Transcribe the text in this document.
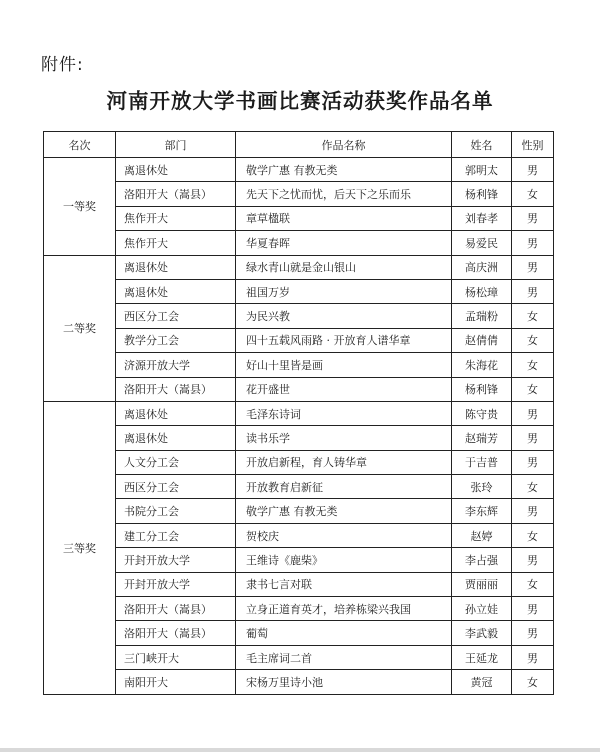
附件:
河南开放大学书画比赛活动获奖作品名单
名次	部门	作品名称	姓名	性别
一等奖	离退休处	敬学广惠 有教无类	郭明太	男
	洛阳开大（嵩县）	先天下之忧而忧，后天下之乐而乐	杨利锋	女
	焦作开大	章草楹联	刘春孝	男
	焦作开大	华夏春晖	易爱民	男
二等奖	离退休处	绿水青山就是金山银山	高庆洲	男
	离退休处	祖国万岁	杨松璋	男
	西区分工会	为民兴教	孟瑞粉	女
	教学分工会	四十五载风雨路 · 开放育人谱华章	赵倩倩	女
	济源开放大学	好山十里皆是画	朱海花	女
	洛阳开大（嵩县）	花开盛世	杨利锋	女
三等奖	离退休处	毛泽东诗词	陈守贵	男
	离退休处	读书乐学	赵瑞芳	男
	人文分工会	开放启新程，育人铸华章	于吉普	男
	西区分工会	开放教育启新征	张玲	女
	书院分工会	敬学广惠 有教无类	李东辉	男
	建工分工会	贺校庆	赵婷	女
	开封开放大学	王维诗《鹿柴》	李占强	男
	开封开放大学	隶书七言对联	贾丽丽	女
	洛阳开大（嵩县）	立身正道育英才，培养栋梁兴我国	孙立娃	男
	洛阳开大（嵩县）	葡萄	李武毅	男
	三门峡开大	毛主席词二首	王延龙	男
	南阳开大	宋杨万里诗小池	黄冠	女
